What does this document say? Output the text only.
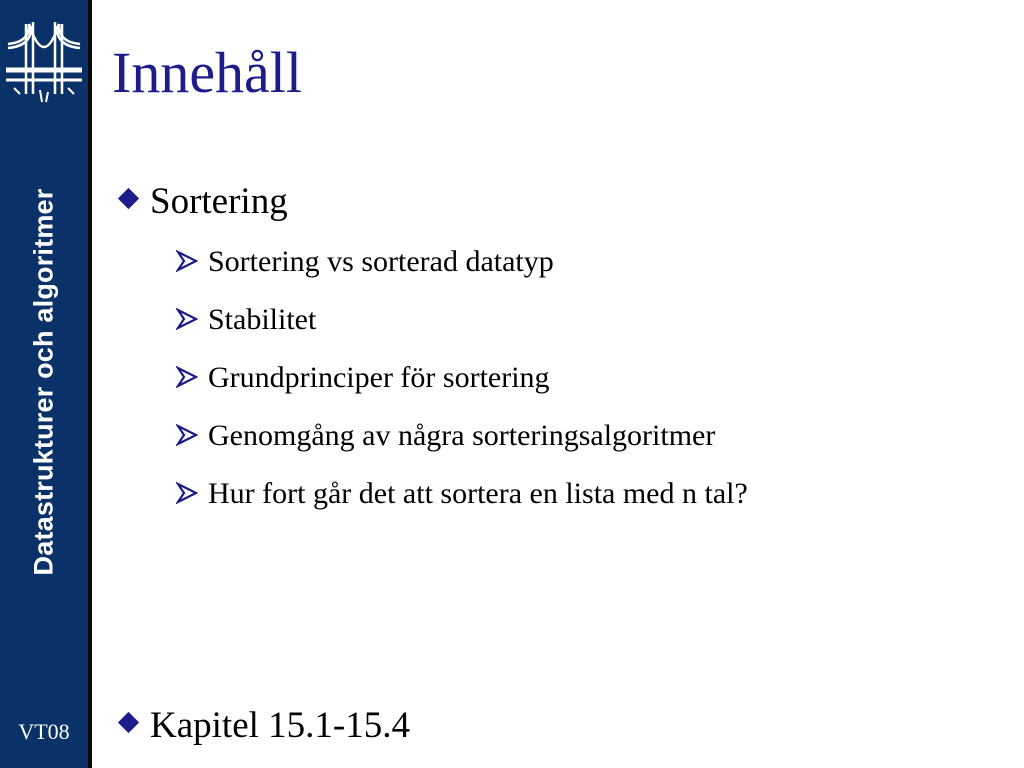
Datastrukturer och algoritmer
VT08
Innehåll
Sortering
Sortering vs sorterad datatyp
Stabilitet
Grundprinciper för sortering
Genomgång av några sorteringsalgoritmer
Hur fort går det att sortera en lista med n tal?
Kapitel 15.1-15.4
